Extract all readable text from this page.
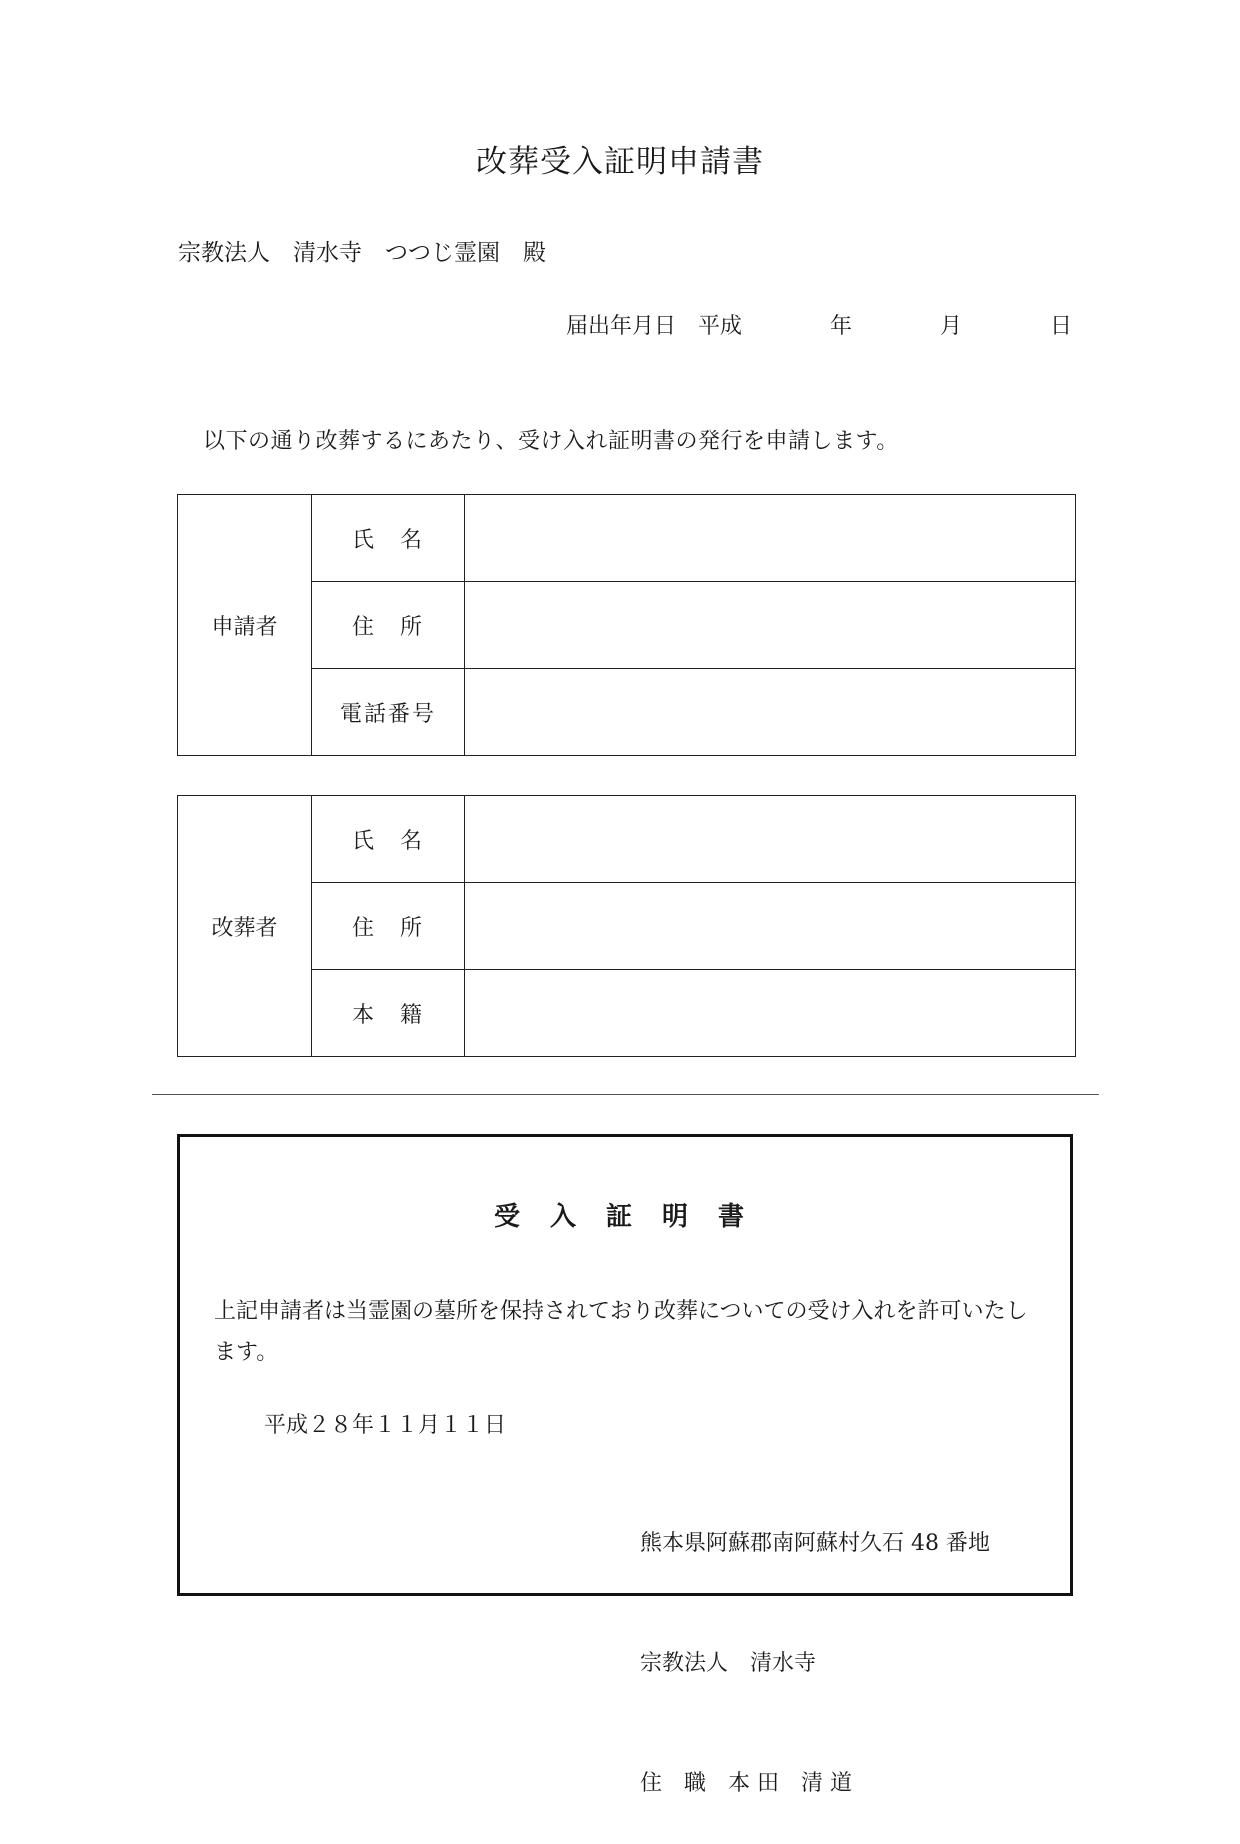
改葬受入証明申請書
宗教法人　清水寺　つつじ霊園　殿
届出年月日　平成　　　　年　　　　月　　　　日
以下の通り改葬するにあたり、受け入れ証明書の発行を申請します。
申請者	氏　名	
	住　所	
	電話番号	
改葬者	氏　名	
	住　所	
	本　籍	
受　入　証　明　書
上記申請者は当霊園の墓所を保持されており改葬についての受け入れを許可いたします。
平成２８年１１月１１日

熊本県阿蘇郡南阿蘇村久石 48 番地

宗教法人　清水寺

住　職　本 田　清 道
